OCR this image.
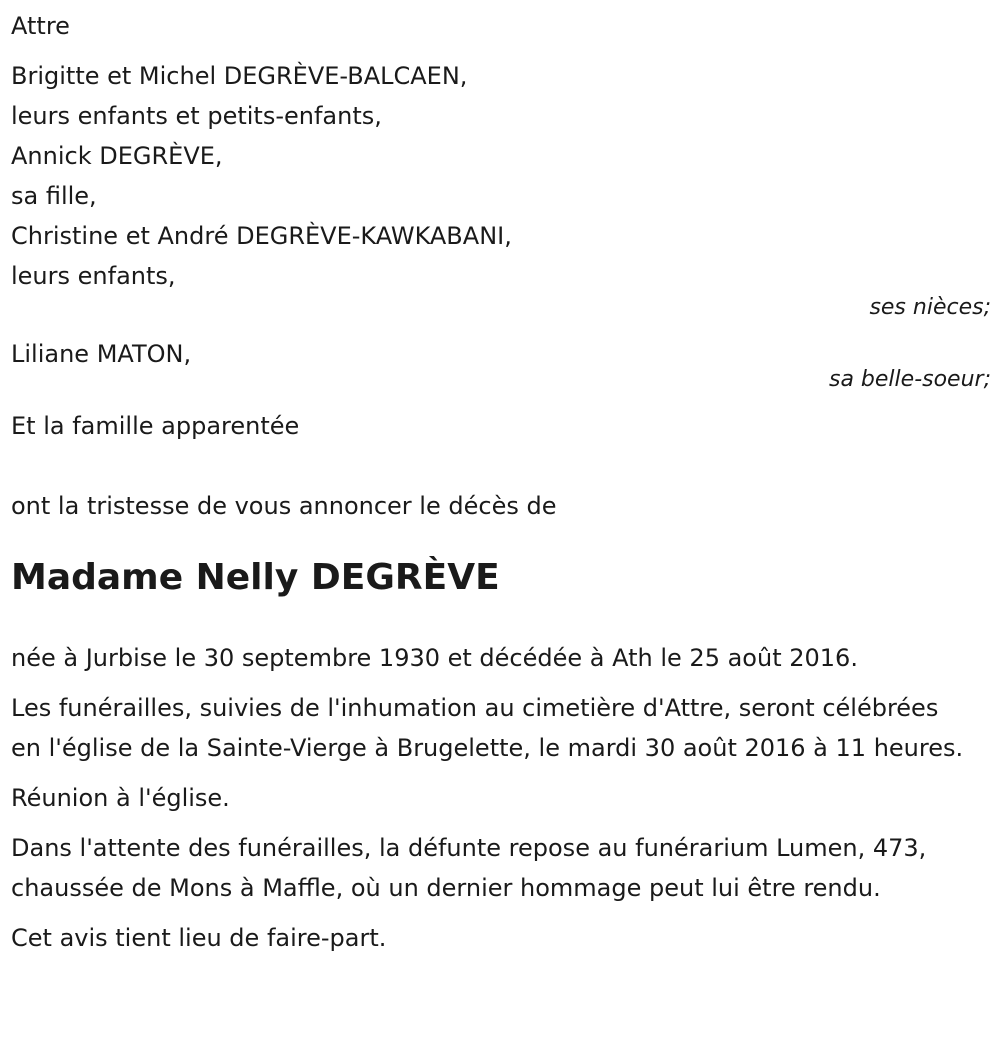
Attre

Brigitte et Michel DEGRÈVE-BALCAEN,

leurs enfants et petits-enfants,

Annick DEGRÈVE,

sa fille,

Christine et André DEGRÈVE-KAWKABANI,

leurs enfants,

ses nièces;

Liliane MATON,

sa belle-soeur;

Et la famille apparentée

ont la tristesse de vous annoncer le décès de

Madame Nelly DEGRÈVE

née à Jurbise le 30 septembre 1930 et décédée à Ath le 25 août 2016.

Les funérailles, suivies de l'inhumation au cimetière d'Attre, seront célébrées en l'église de la Sainte-Vierge à Brugelette, le mardi 30 août 2016 à 11 heures.

Réunion à l'église.

Dans l'attente des funérailles, la défunte repose au funérarium Lumen, 473, chaussée de Mons à Maffle, où un dernier hommage peut lui être rendu.

Cet avis tient lieu de faire-part.
